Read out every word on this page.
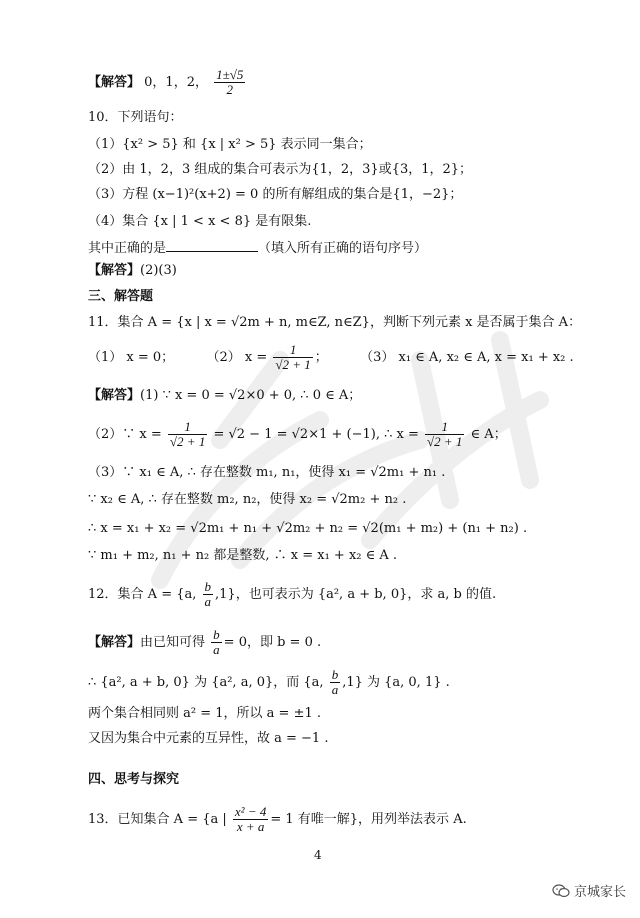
【解答】 0，1，2， $\frac{1\pm√5}{2}$
10．下列语句：
（1）{x² > 5} 和 {x | x² > 5} 表示同一集合；
（2）由 1，2，3 组成的集合可表示为{1，2，3}或{3，1，2}；
（3）方程 (x−1)²(x+2) = 0 的所有解组成的集合是{1，−2}；
（4）集合 {x | 1 < x < 8} 是有限集.
其中正确的是	（填入所有正确的语句序号）
【解答】(2)(3)
三、解答题
11．集合 A = {x | x = √2m + n, m∈Z, n∈Z}，判断下列元素 x 是否属于集合 A：
（1） x = 0； （2） $x = \frac{1}{√2 + 1}$ ； （3） x₁ ∈ A, x₂ ∈ A, x = x₁ + x₂ .
【解答】(1) ∵ x = 0 = √2×0 + 0, ∴ 0 ∈ A；
（2）∵ $x = \frac{1}{√2 + 1} = √2 - 1 = √2\times 1 + (-1)$, ∴ $x = \frac{1}{√2 + 1}$ ∈ A；
（3）∵ x₁ ∈ A, ∴ 存在整数 m₁, n₁，使得 x₁ = √2m₁ + n₁ .
∵ x₂ ∈ A, ∴ 存在整数 m₂, n₂，使得 x₂ = √2m₂ + n₂ .
∴ x = x₁ + x₂ = √2m₁ + n₁ + √2m₂ + n₂ = √2(m₁ + m₂) + (n₁ + n₂) .
∵ m₁ + m₂, n₁ + n₂ 都是整数, ∴ x = x₁ + x₂ ∈ A .
12．集合 A = {a, $\frac{b}{a} ,1$}，也可表示为 {a², a + b, 0}，求 a, b 的值.
【解答】由已知可得 $\frac{b}{a} = 0$，即 b = 0 .
∴ {a², a + b, 0} 为 {a², a, 0}，而 {a, $\frac{b}{a} ,1$} 为 {a, 0, 1} .
两个集合相同则 a² = 1，所以 a = ±1 .
又因为集合中元素的互异性，故 a = −1 .
四、思考与探究
13．已知集合 A = {a | $\frac{\text{x² − 4}}{x + a} = 1$ 有唯一解}，用列举法表示 A.
4
京城家长
